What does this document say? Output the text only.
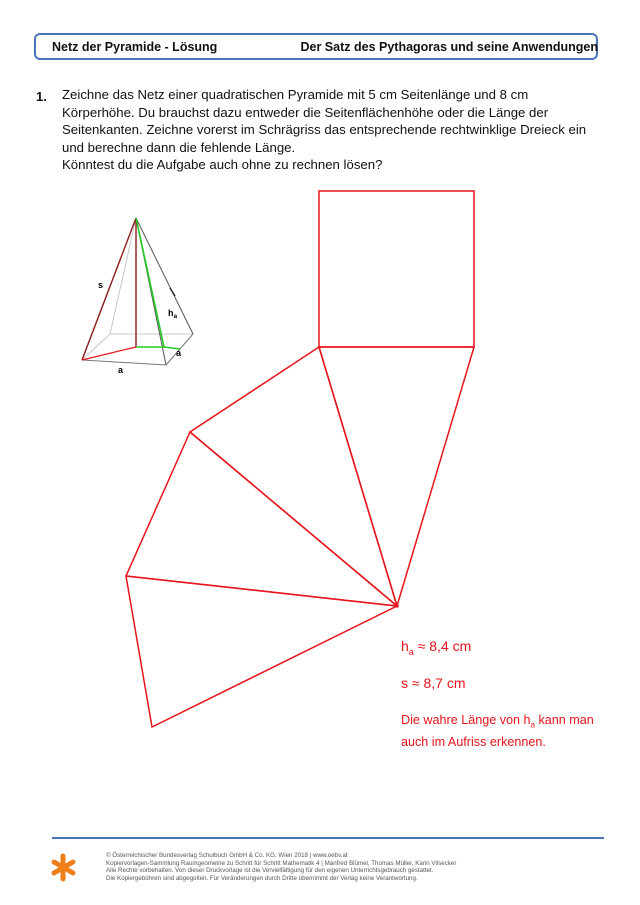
Netz der Pyramide - Lösung	Der Satz des Pythagoras und seine Anwendungen
1. Zeichne das Netz einer quadratischen Pyramide mit 5 cm Seitenlänge und 8 cm Körperhöhe. Du brauchst dazu entweder die Seitenflächenhöhe oder die Länge der Seitenkanten. Zeichne vorerst im Schrägriss das entsprechende rechtwinklige Dreieck ein und berechne dann die fehlende Länge.

Könntest du die Aufgabe auch ohne zu rechnen lösen?

s
$h_a$
a
a
$h_a \approx 8,4$ cm
s ≈ 8,7 cm
Die wahre Länge von $h_a$ kann man auch im Aufriss erkennen.
© Österreichischer Bundesverlag Schulbuch GmbH & Co. KG, Wien 2018 | www.oebv.at
Kopiervorlagen-Sammlung Raumgeometrie zu Schritt für Schritt Mathematik 4 | Manfred Blümel, Thomas Müller, Karin Vilsecker
Alle Rechte vorbehalten. Von dieser Druckvorlage ist die Vervielfältigung für den eigenen Unterrichtsgebrauch gestattet.
Die Kopiergebühren sind abgegolten. Für Veränderungen durch Dritte übernimmt der Verlag keine Verantwortung.
